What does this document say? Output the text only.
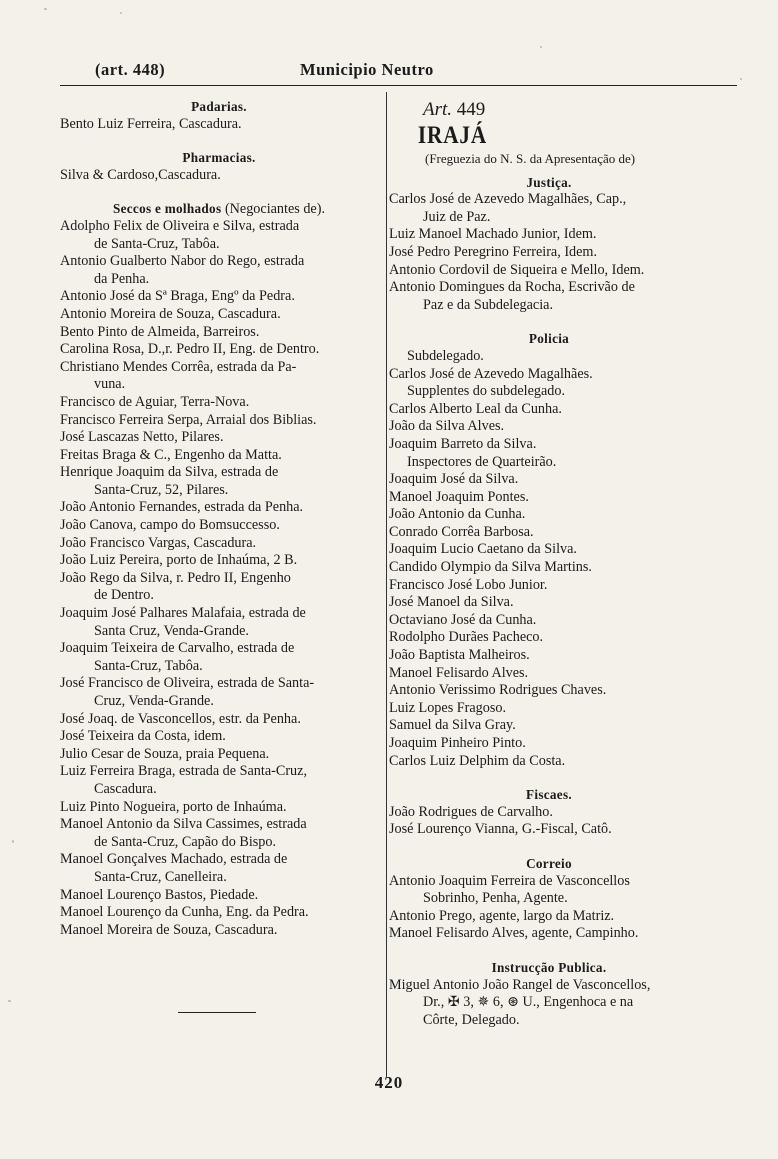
(art. 448)	Municipio Neutro
Padarias.
Bento Luiz Ferreira, Cascadura.
Pharmacias.
Silva & Cardoso,Cascadura.
Seccos e molhados (Negociantes de).
Adolpho Felix de Oliveira e Silva, estrada
de Santa-Cruz, Tabôa.
Antonio Gualberto Nabor do Rego, estrada
da Penha.
Antonio José da Sª Braga, Engº da Pedra.
Antonio Moreira de Souza, Cascadura.
Bento Pinto de Almeida, Barreiros.
Carolina Rosa, D.,r. Pedro II, Eng. de Dentro.
Christiano Mendes Corrêa, estrada da Pa-
vuna.
Francisco de Aguiar, Terra-Nova.
Francisco Ferreira Serpa, Arraial dos Biblias.
José Lascazas Netto, Pilares.
Freitas Braga & C., Engenho da Matta.
Henrique Joaquim da Silva, estrada de
Santa-Cruz, 52, Pilares.
João Antonio Fernandes, estrada da Penha.
João Canova, campo do Bomsuccesso.
João Francisco Vargas, Cascadura.
João Luiz Pereira, porto de Inhaúma, 2 B.
João Rego da Silva, r. Pedro II, Engenho
de Dentro.
Joaquim José Palhares Malafaia, estrada de
Santa Cruz, Venda-Grande.
Joaquim Teixeira de Carvalho, estrada de
Santa-Cruz, Tabôa.
José Francisco de Oliveira, estrada de Santa-
Cruz, Venda-Grande.
José Joaq. de Vasconcellos, estr. da Penha.
José Teixeira da Costa, idem.
Julio Cesar de Souza, praia Pequena.
Luiz Ferreira Braga, estrada de Santa-Cruz,
Cascadura.
Luiz Pinto Nogueira, porto de Inhaúma.
Manoel Antonio da Silva Cassimes, estrada
de Santa-Cruz, Capão do Bispo.
Manoel Gonçalves Machado, estrada de
Santa-Cruz, Canelleira.
Manoel Lourenço Bastos, Piedade.
Manoel Lourenço da Cunha, Eng. da Pedra.
Manoel Moreira de Souza, Cascadura.
Art. 449
IRAJÁ
(Freguezia do N. S. da Apresentação de)
Justiça.
Carlos José de Azevedo Magalhães, Cap.,
Juiz de Paz.
Luiz Manoel Machado Junior, Idem.
José Pedro Peregrino Ferreira, Idem.
Antonio Cordovil de Siqueira e Mello, Idem.
Antonio Domingues da Rocha, Escrivão de
Paz e da Subdelegacia.
Policia
Subdelegado.
Carlos José de Azevedo Magalhães.
Supplentes do subdelegado.
Carlos Alberto Leal da Cunha.
João da Silva Alves.
Joaquim Barreto da Silva.
Inspectores de Quarteirão.
Joaquim José da Silva.
Manoel Joaquim Pontes.
João Antonio da Cunha.
Conrado Corrêa Barbosa.
Joaquim Lucio Caetano da Silva.
Candido Olympio da Silva Martins.
Francisco José Lobo Junior.
José Manoel da Silva.
Octaviano José da Cunha.
Rodolpho Durães Pacheco.
João Baptista Malheiros.
Manoel Felisardo Alves.
Antonio Verissimo Rodrigues Chaves.
Luiz Lopes Fragoso.
Samuel da Silva Gray.
Joaquim Pinheiro Pinto.
Carlos Luiz Delphim da Costa.
Fiscaes.
João Rodrigues de Carvalho.
José Lourenço Vianna, G.-Fiscal, Catô.
Correio
Antonio Joaquim Ferreira de Vasconcellos
Sobrinho, Penha, Agente.
Antonio Prego, agente, largo da Matriz.
Manoel Felisardo Alves, agente, Campinho.
Instrucção Publica.
Miguel Antonio João Rangel de Vasconcellos,
Dr., ✠ 3, ✵ 6, ⊛ U., Engenhoca e na
Côrte, Delegado.
420
